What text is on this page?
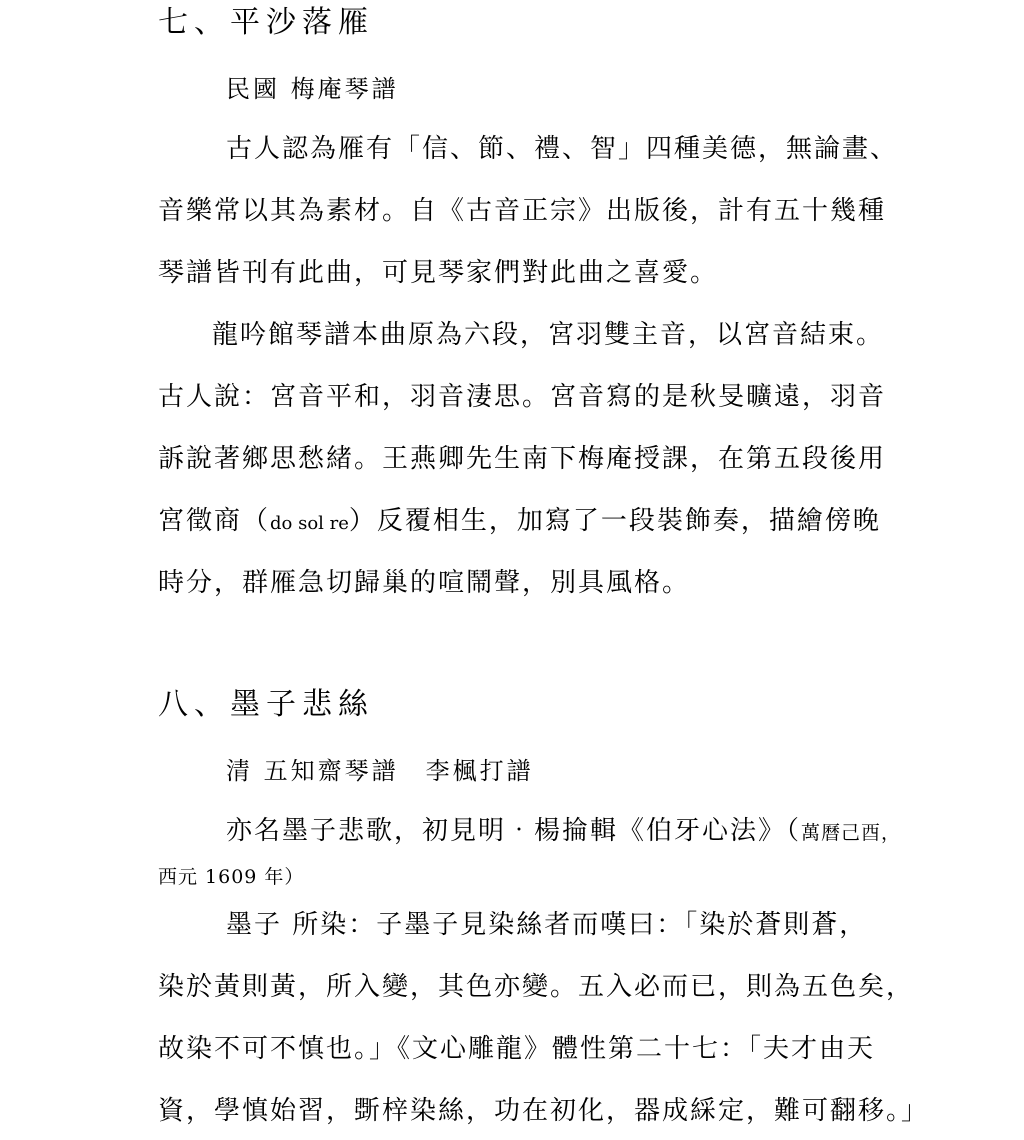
七、平沙落雁
民國 梅庵琴譜
古人認為雁有「信、節、禮、智」四種美德，無論畫、
音樂常以其為素材。自《古音正宗》出版後，計有五十幾種
琴譜皆刊有此曲，可見琴家們對此曲之喜愛。
龍吟館琴譜本曲原為六段，宮羽雙主音，以宮音結束。
古人說：宮音平和，羽音淒思。宮音寫的是秋旻曠遠，羽音
訴說著鄉思愁緒。王燕卿先生南下梅庵授課，在第五段後用
宮徵商（do sol re）反覆相生，加寫了一段裝飾奏，描繪傍晚
時分，群雁急切歸巢的喧鬧聲，別具風格。
八、墨子悲絲
清 五知齋琴譜　李楓打譜
亦名墨子悲歌，初見明‧楊掄輯《伯牙心法》（萬曆己酉，
西元 1609 年）
墨子 所染：子墨子見染絲者而嘆曰：「染於蒼則蒼，
染於黃則黃，所入變，其色亦變。五入必而已，則為五色矣，
故染不可不慎也。」《文心雕龍》體性第二十七：「夫才由天
資，學慎始習，斲梓染絲，功在初化，器成綵定，難可翻移。」
